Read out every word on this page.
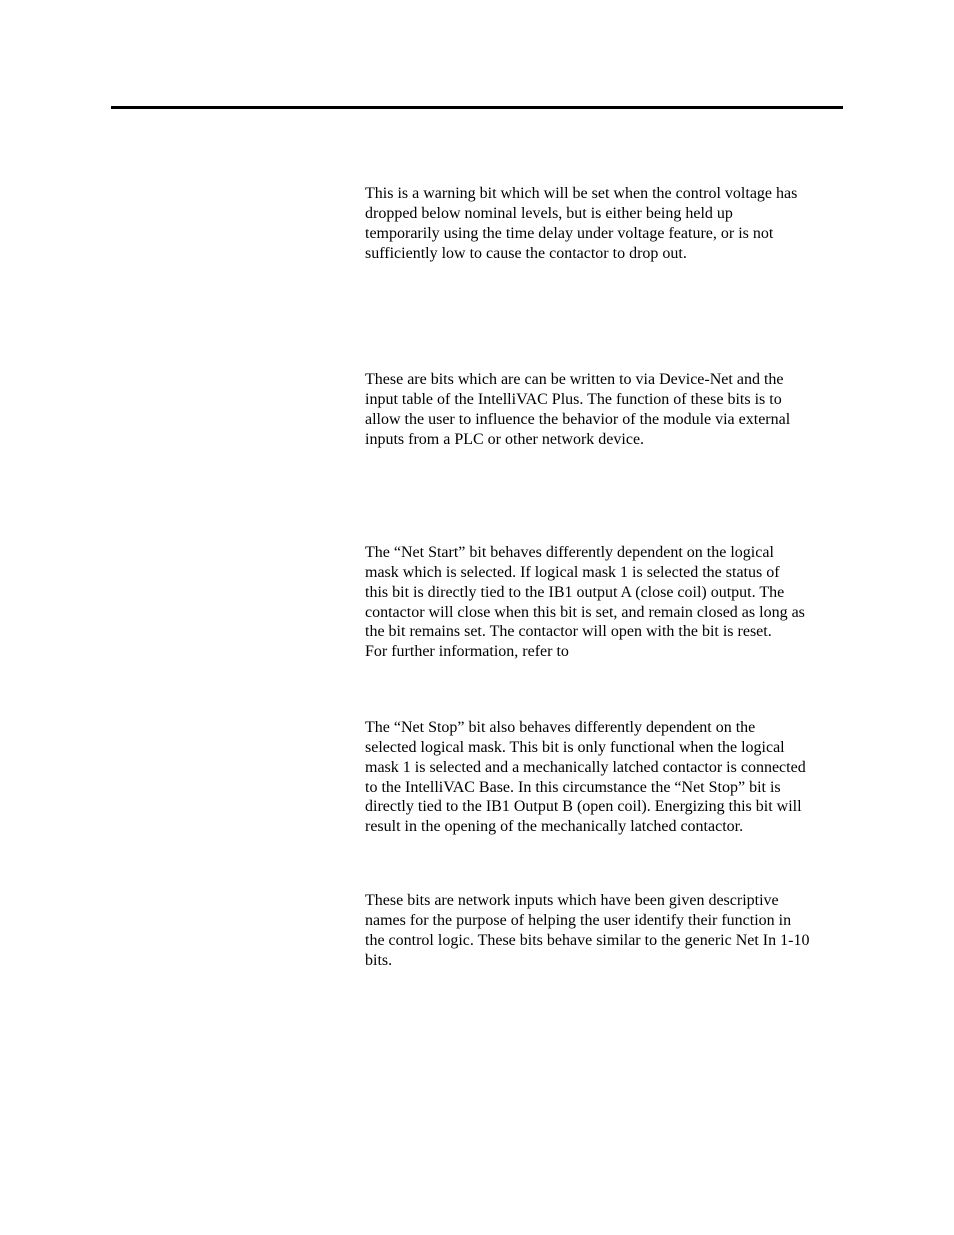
This is a warning bit which will be set when the control voltage has
dropped below nominal levels, but is either being held up
temporarily using the time delay under voltage feature, or is not
sufficiently low to cause the contactor to drop out.

These are bits which are can be written to via Device-Net and the
input table of the IntelliVAC Plus. The function of these bits is to
allow the user to influence the behavior of the module via external
inputs from a PLC or other network device.

The “Net Start” bit behaves differently dependent on the logical
mask which is selected. If logical mask 1 is selected the status of
this bit is directly tied to the IB1 output A (close coil) output. The
contactor will close when this bit is set, and remain closed as long as
the bit remains set. The contactor will open with the bit is reset.
For further information, refer to

The “Net Stop” bit also behaves differently dependent on the
selected logical mask. This bit is only functional when the logical
mask 1 is selected and a mechanically latched contactor is connected
to the IntelliVAC Base. In this circumstance the “Net Stop” bit is
directly tied to the IB1 Output B (open coil). Energizing this bit will
result in the opening of the mechanically latched contactor.

These bits are network inputs which have been given descriptive
names for the purpose of helping the user identify their function in
the control logic. These bits behave similar to the generic Net In 1-10
bits.
